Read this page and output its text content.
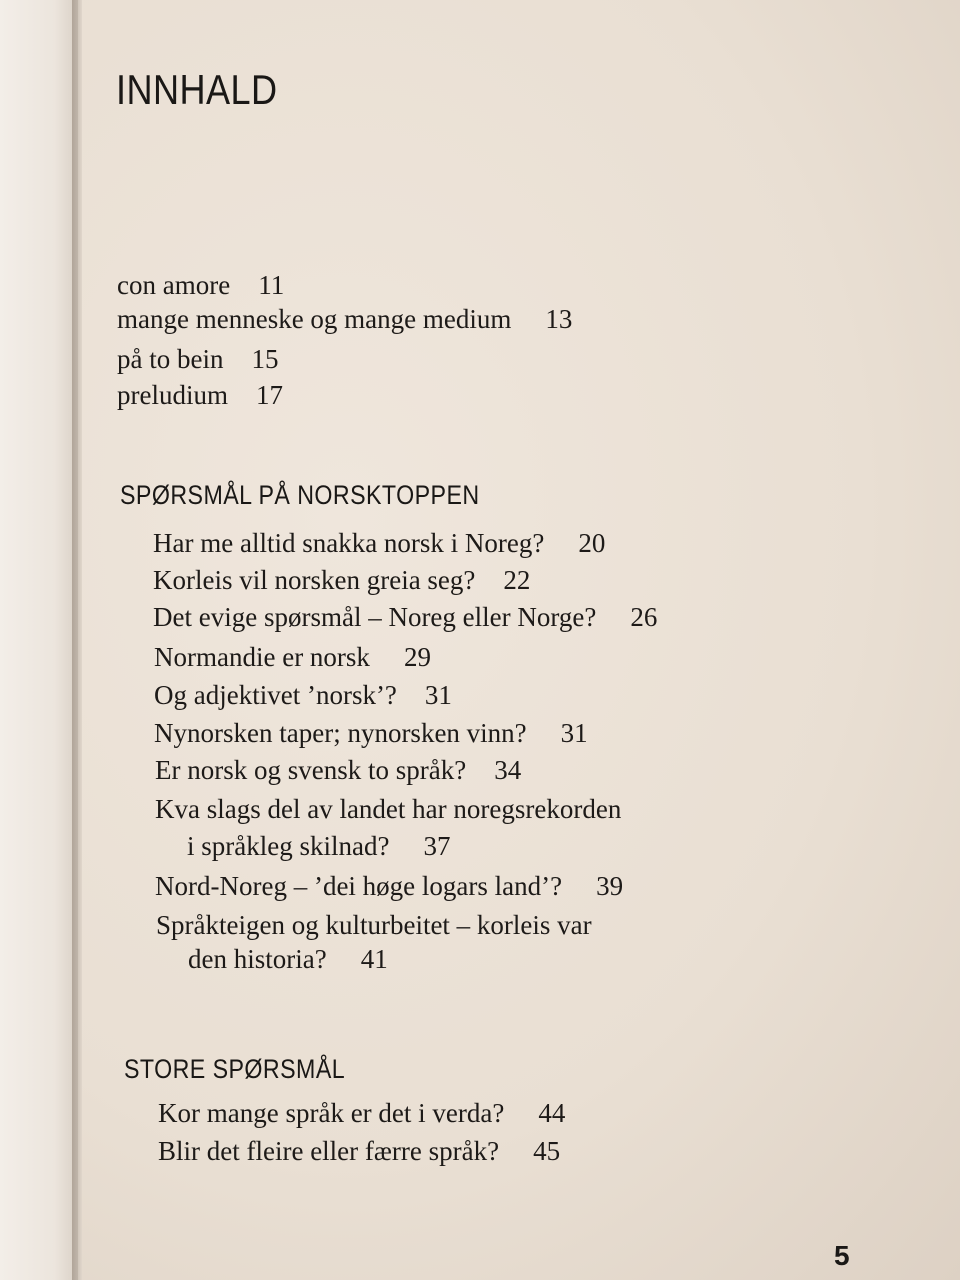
INNHALD
con amore 11
mange menneske og mange medium 13
på to bein 15
preludium 17
SPØRSMÅL PÅ NORSKTOPPEN
Har me alltid snakka norsk i Noreg? 20
Korleis vil norsken greia seg? 22
Det evige spørsmål – Noreg eller Norge? 26
Normandie er norsk 29
Og adjektivet ’norsk’? 31
Nynorsken taper; nynorsken vinn? 31
Er norsk og svensk to språk? 34
Kva slags del av landet har noregsrekorden
i språkleg skilnad? 37
Nord-Noreg – ’dei høge logars land’? 39
Språkteigen og kulturbeitet – korleis var
den historia? 41
STORE SPØRSMÅL
Kor mange språk er det i verda? 44
Blir det fleire eller færre språk? 45
5
